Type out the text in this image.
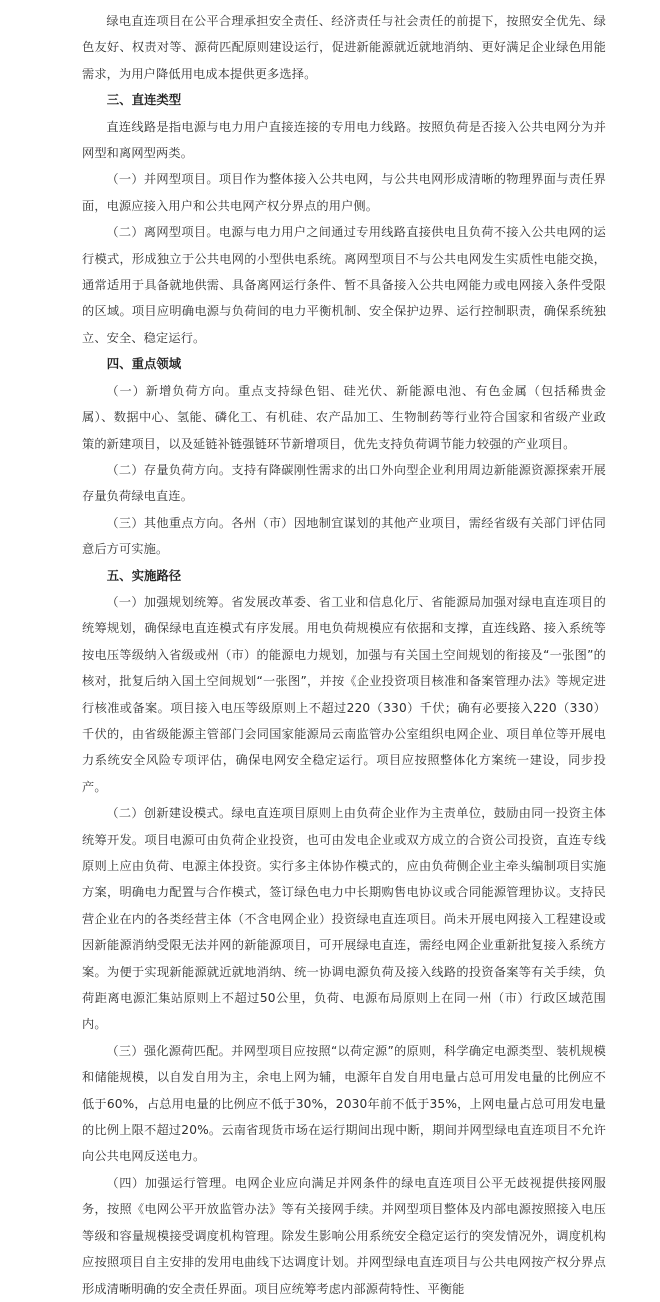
绿电直连项目在公平合理承担安全责任、经济责任与社会责任的前提下，按照安全优先、绿色友好、权责对等、源荷匹配原则建设运行，促进新能源就近就地消纳、更好满足企业绿色用能需求，为用户降低用电成本提供更多选择。

三、直连类型

直连线路是指电源与电力用户直接连接的专用电力线路。按照负荷是否接入公共电网分为并网型和离网型两类。

（一）并网型项目。项目作为整体接入公共电网，与公共电网形成清晰的物理界面与责任界面，电源应接入用户和公共电网产权分界点的用户侧。

（二）离网型项目。电源与电力用户之间通过专用线路直接供电且负荷不接入公共电网的运行模式，形成独立于公共电网的小型供电系统。离网型项目不与公共电网发生实质性电能交换，通常适用于具备就地供需、具备离网运行条件、暂不具备接入公共电网能力或电网接入条件受限的区域。项目应明确电源与负荷间的电力平衡机制、安全保护边界、运行控制职责，确保系统独立、安全、稳定运行。

四、重点领域

（一）新增负荷方向。重点支持绿色铝、硅光伏、新能源电池、有色金属（包括稀贵金属）、数据中心、氢能、磷化工、有机硅、农产品加工、生物制药等行业符合国家和省级产业政策的新建项目，以及延链补链强链环节新增项目，优先支持负荷调节能力较强的产业项目。

（二）存量负荷方向。支持有降碳刚性需求的出口外向型企业利用周边新能源资源探索开展存量负荷绿电直连。

（三）其他重点方向。各州（市）因地制宜谋划的其他产业项目，需经省级有关部门评估同意后方可实施。

五、实施路径

（一）加强规划统筹。省发展改革委、省工业和信息化厅、省能源局加强对绿电直连项目的统筹规划，确保绿电直连模式有序发展。用电负荷规模应有依据和支撑，直连线路、接入系统等按电压等级纳入省级或州（市）的能源电力规划，加强与有关国土空间规划的衔接及“一张图”的核对，批复后纳入国土空间规划“一张图”，并按《企业投资项目核准和备案管理办法》等规定进行核准或备案。项目接入电压等级原则上不超过220（330）千伏；确有必要接入220（330）千伏的，由省级能源主管部门会同国家能源局云南监管办公室组织电网企业、项目单位等开展电力系统安全风险专项评估，确保电网安全稳定运行。项目应按照整体化方案统一建设，同步投产。

（二）创新建设模式。绿电直连项目原则上由负荷企业作为主责单位，鼓励由同一投资主体统筹开发。项目电源可由负荷企业投资，也可由发电企业或双方成立的合资公司投资，直连专线原则上应由负荷、电源主体投资。实行多主体协作模式的，应由负荷侧企业主牵头编制项目实施方案，明确电力配置与合作模式，签订绿色电力中长期购售电协议或合同能源管理协议。支持民营企业在内的各类经营主体（不含电网企业）投资绿电直连项目。尚未开展电网接入工程建设或因新能源消纳受限无法并网的新能源项目，可开展绿电直连，需经电网企业重新批复接入系统方案。为便于实现新能源就近就地消纳、统一协调电源负荷及接入线路的投资备案等有关手续，负荷距离电源汇集站原则上不超过50公里，负荷、电源布局原则上在同一州（市）行政区域范围内。

（三）强化源荷匹配。并网型项目应按照“以荷定源”的原则，科学确定电源类型、装机规模和储能规模，以自发自用为主，余电上网为辅，电源年自发自用电量占总可用发电量的比例应不低于60%，占总用电量的比例应不低于30%，2030年前不低于35%，上网电量占总可用发电量的比例上限不超过20%。云南省现货市场在运行期间出现中断，期间并网型绿电直连项目不允许向公共电网反送电力。

（四）加强运行管理。电网企业应向满足并网条件的绿电直连项目公平无歧视提供接网服务，按照《电网公平开放监管办法》等有关接网手续。并网型项目整体及内部电源按照接入电压等级和容量规模接受调度机构管理。除发生影响公用系统安全稳定运行的突发情况外，调度机构应按照项目自主安排的发用电曲线下达调度计划。并网型绿电直连项目与公共电网按产权分界点形成清晰明确的安全责任界面。项目应统筹考虑内部源荷特性、平衡能
